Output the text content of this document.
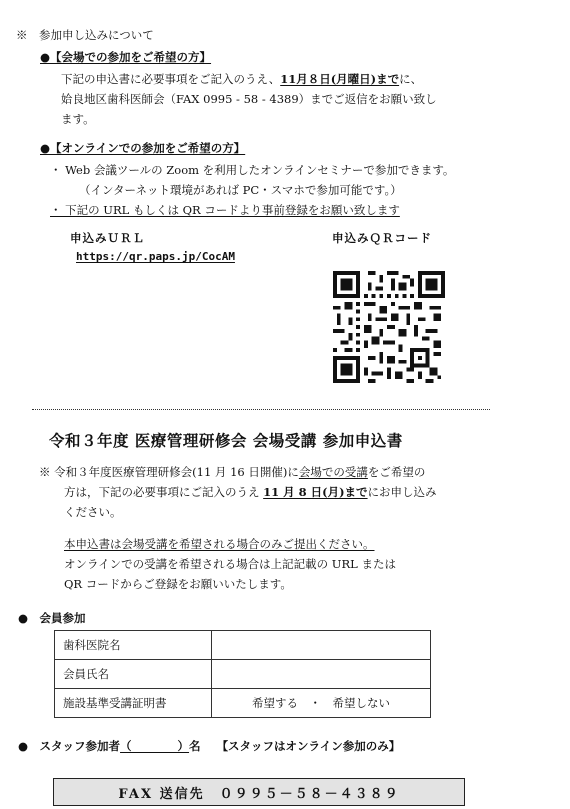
※　参加申し込みについて
●【会場での参加をご希望の方】
下記の申込書に必要事項をご記入のうえ、11月８日(月曜日)までに、
姶良地区歯科医師会（FAX 0995 - 58 - 4389）までご返信をお願い致し
ます。
●【オンラインでの参加をご希望の方】
・ Web 会議ツールの Zoom を利用したオンラインセミナーで参加できます。
（インターネット環境があれば PC・スマホで参加可能です。）
・ 下記の URL もしくは QR コードより事前登録をお願い致します
申込みＵＲＬ
https://qr.paps.jp/CocAM
申込みＱＲコード
令和３年度 医療管理研修会 会場受講 参加申込書
※ 令和３年度医療管理研修会(11 月 16 日開催)に会場での受講をご希望の
方は，下記の必要事項にご記入のうえ 11 月 8 日(月)までにお申し込み
ください。
本申込書は会場受講を希望される場合のみご提出ください。
オンラインでの受講を希望される場合は上記記載の URL または
QR コードからご登録をお願いいたします。
●　会員参加
歯科医院名	
会員氏名	
施設基準受講証明書	希望する　・　希望しない
●　スタッフ参加者（　　　　）名 【スタッフはオンライン参加のみ】
FAX 送信先　０９９５－５８－４３８９
